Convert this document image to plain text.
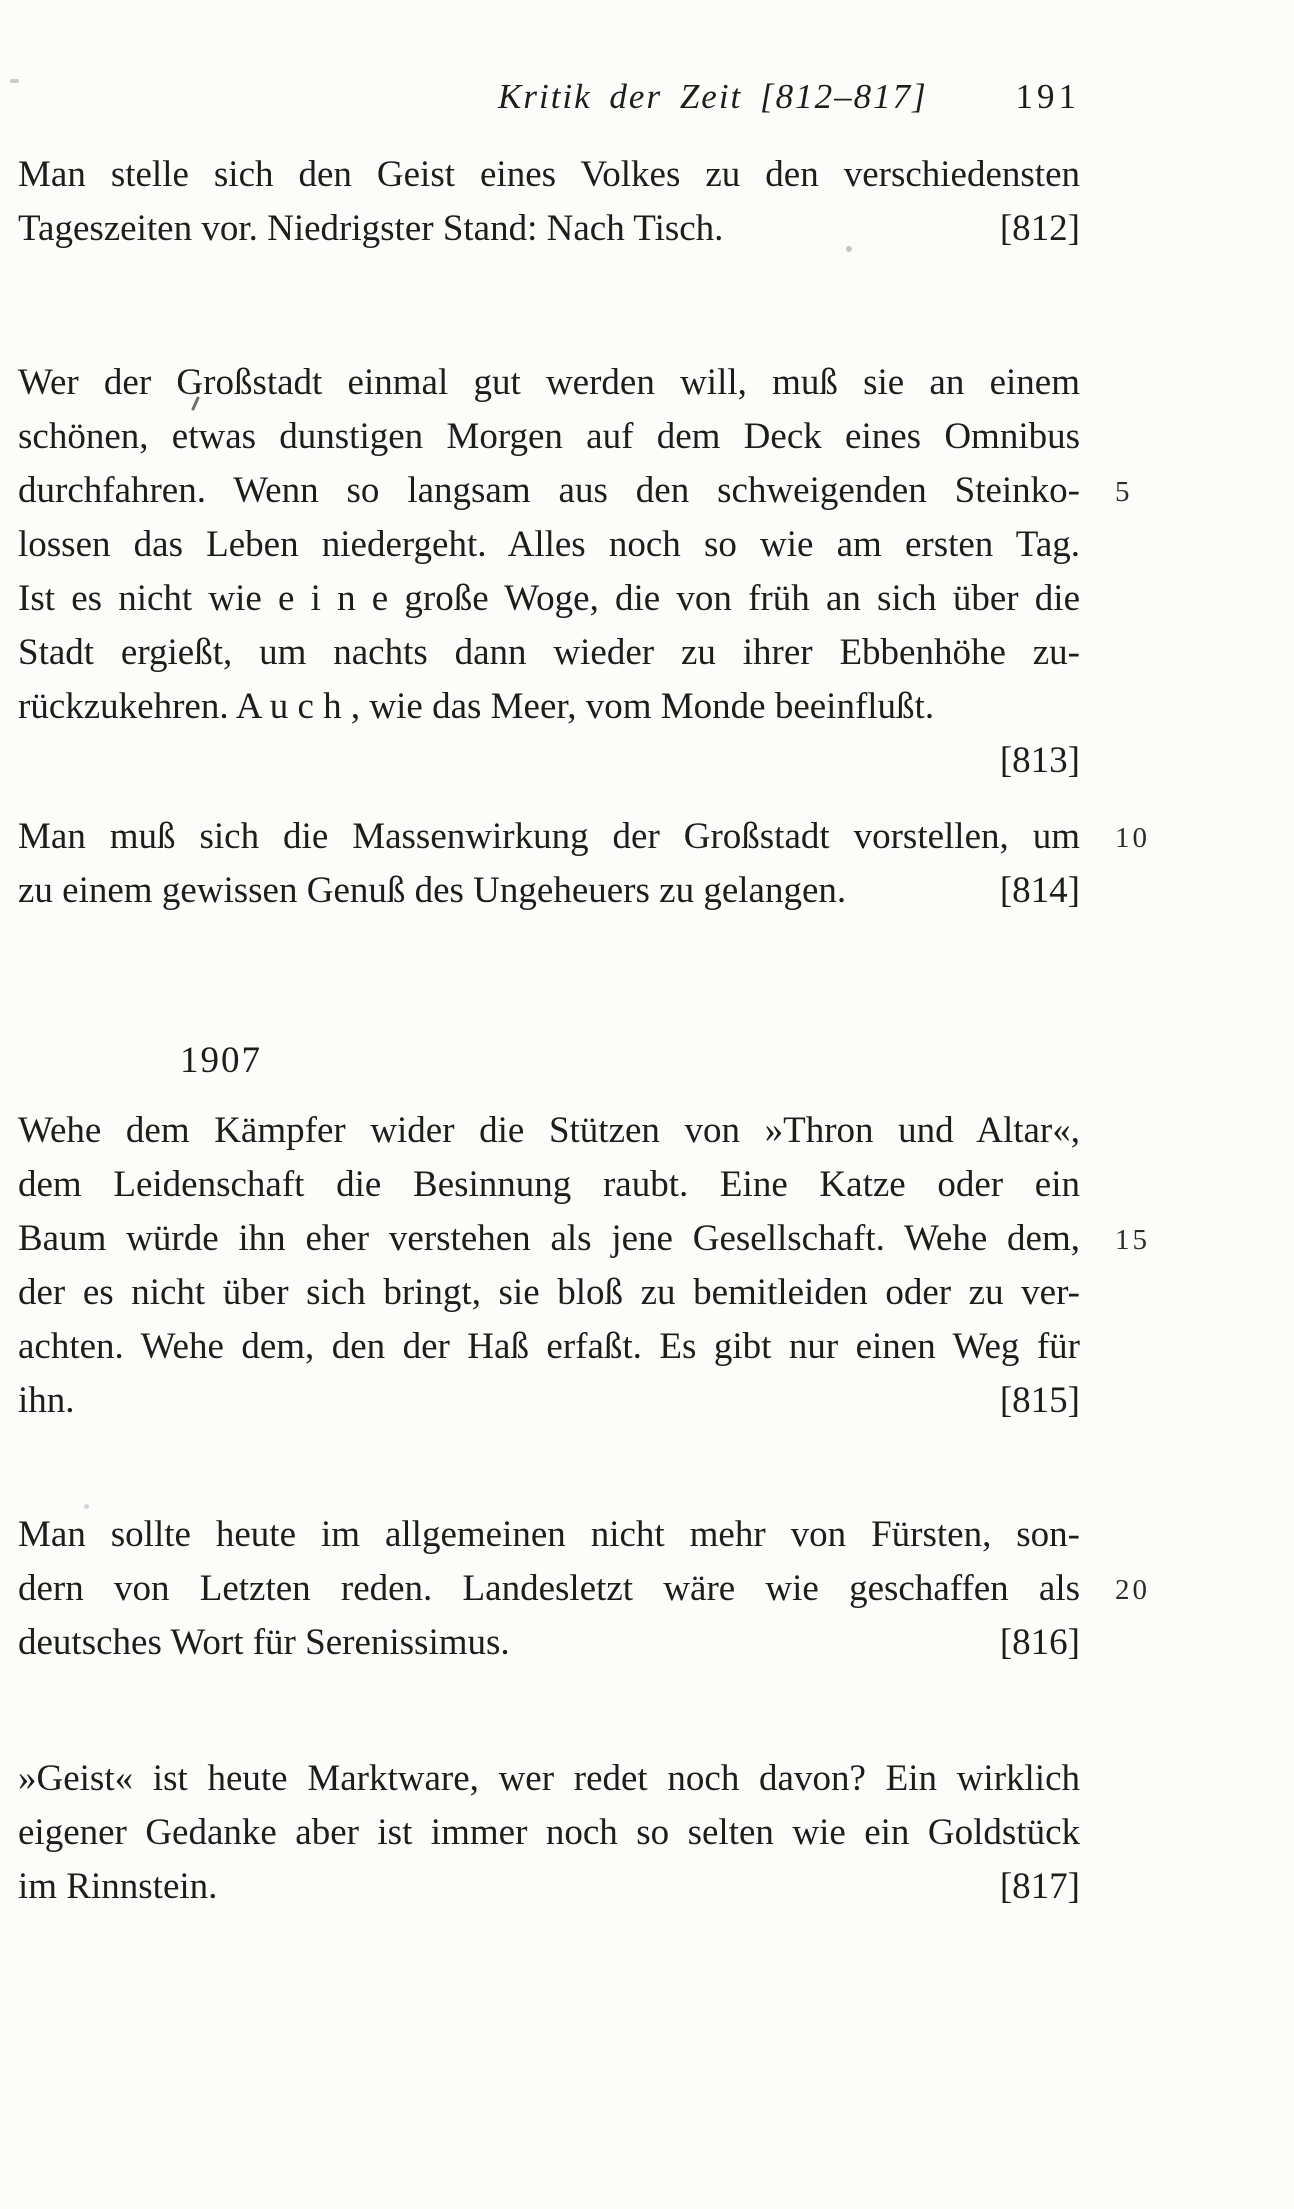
Kritik der Zeit [812–817]	191
Man stelle sich den Geist eines Volkes zu den verschiedensten
Tageszeiten vor. Niedrigster Stand: Nach Tisch.	[812]
Wer der Großstadt einmal gut werden will, muß sie an einem
schönen, etwas dunstigen Morgen auf dem Deck eines Omnibus
durchfahren. Wenn so langsam aus den schweigenden Steinko- 5
lossen das Leben niedergeht. Alles noch so wie am ersten Tag.
Ist es nicht wie e i n e große Woge, die von früh an sich über die
Stadt ergießt, um nachts dann wieder zu ihrer Ebbenhöhe zu-
rückzukehren. A u c h , wie das Meer, vom Monde beeinflußt.
[813]
Man muß sich die Massenwirkung der Großstadt vorstellen, um 10
zu einem gewissen Genuß des Ungeheuers zu gelangen.	[814]
1907
Wehe dem Kämpfer wider die Stützen von »Thron und Altar«,
dem Leidenschaft die Besinnung raubt. Eine Katze oder ein
Baum würde ihn eher verstehen als jene Gesellschaft. Wehe dem, 15
der es nicht über sich bringt, sie bloß zu bemitleiden oder zu ver-
achten. Wehe dem, den der Haß erfaßt. Es gibt nur einen Weg für
ihn.	[815]
Man sollte heute im allgemeinen nicht mehr von Fürsten, son-
dern von Letzten reden. Landesletzt wäre wie geschaffen als 20
deutsches Wort für Serenissimus.	[816]
»Geist« ist heute Marktware, wer redet noch davon? Ein wirklich
eigener Gedanke aber ist immer noch so selten wie ein Goldstück
im Rinnstein.	[817]
